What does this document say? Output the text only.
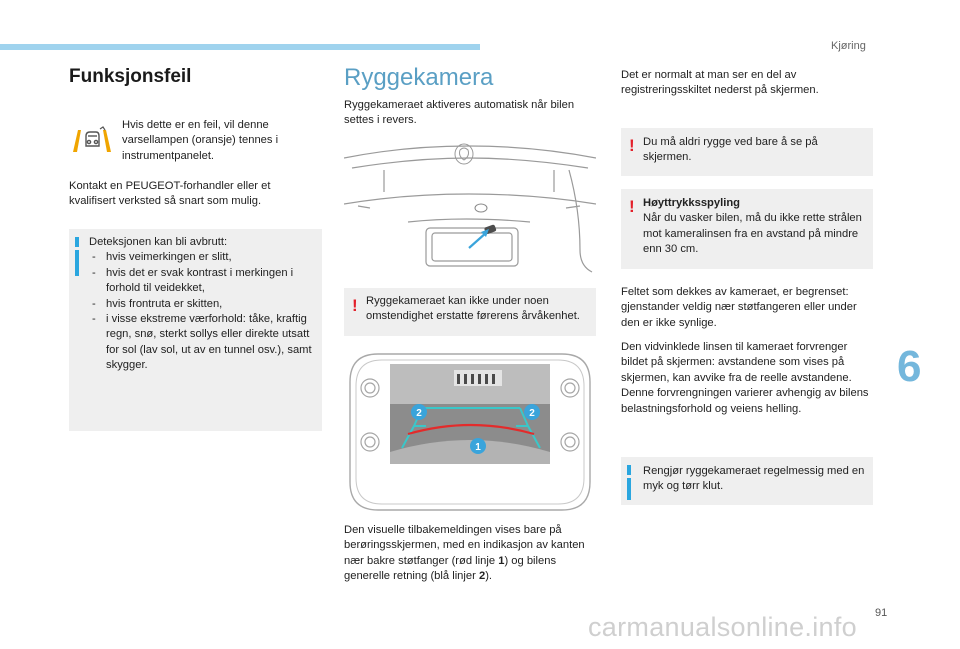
Kjøring
Funksjonsfeil
Hvis dette er en feil, vil denne varsellampen (oransje) tennes i instrumentpanelet.
Kontakt en PEUGEOT-forhandler eller et kvalifisert verksted så snart som mulig.
Deteksjonen kan bli avbrutt:
- hvis veimerkingen er slitt,
- hvis det er svak kontrast i merkingen i forhold til veidekket,
- hvis frontruta er skitten,
- i visse ekstreme værforhold: tåke, kraftig regn, snø, sterkt sollys eller direkte utsatt for sol (lav sol, ut av en tunnel osv.), samt skygger.
Ryggekamera
Ryggekameraet aktiveres automatisk når bilen settes i revers.
! Ryggekameraet kan ikke under noen omstendighet erstatte førerens årvåkenhet.
2	2
1
Den visuelle tilbakemeldingen vises bare på berøringsskjermen, med en indikasjon av kanten nær bakre støtfanger (rød linje 1) og bilens generelle retning (blå linjer 2).
Det er normalt at man ser en del av registreringsskiltet nederst på skjermen.
! Du må aldri rygge ved bare å se på skjermen.
! Høyttrykksspyling
Når du vasker bilen, må du ikke rette strålen mot kameralinsen fra en avstand på mindre enn 30 cm.
Feltet som dekkes av kameraet, er begrenset: gjenstander veldig nær støtfangeren eller under den er ikke synlige.
Den vidvinklede linsen til kameraet forvrenger bildet på skjermen: avstandene som vises på skjermen, kan avvike fra de reelle avstandene. Denne forvrengningen varierer avhengig av bilens belastningsforhold og veiens helling.
Rengjør ryggekameraet regelmessig med en myk og tørr klut.
6
91
carmanualsonline.info
